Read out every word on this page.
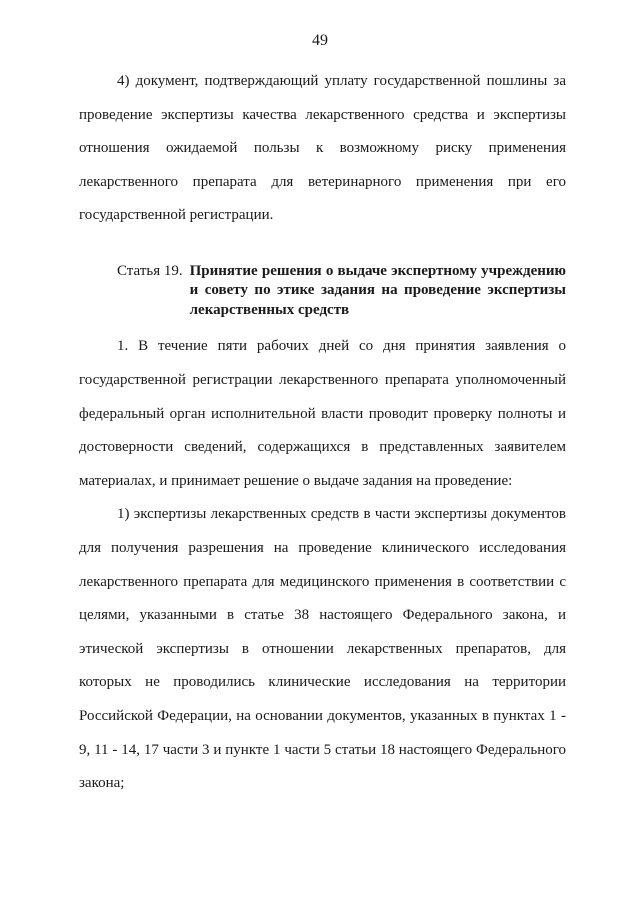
49

4) документ, подтверждающий уплату государственной пошлины за проведение экспертизы качества лекарственного средства и экспертизы отношения ожидаемой пользы к возможному риску применения лекарственного препарата для ветеринарного применения при его государственной регистрации.

Статья 19. Принятие решения о выдаче экспертному учреждению и совету по этике задания на проведение экспертизы лекарственных средств

1. В течение пяти рабочих дней со дня принятия заявления о государственной регистрации лекарственного препарата уполномоченный федеральный орган исполнительной власти проводит проверку полноты и достоверности сведений, содержащихся в представленных заявителем материалах, и принимает решение о выдаче задания на проведение:

1) экспертизы лекарственных средств в части экспертизы документов для получения разрешения на проведение клинического исследования лекарственного препарата для медицинского применения в соответствии с целями, указанными в статье 38 настоящего Федерального закона, и этической экспертизы в отношении лекарственных препаратов, для которых не проводились клинические исследования на территории Российской Федерации, на основании документов, указанных в пунктах 1 - 9, 11 - 14, 17 части 3 и пункте 1 части 5 статьи 18 настоящего Федерального закона;
